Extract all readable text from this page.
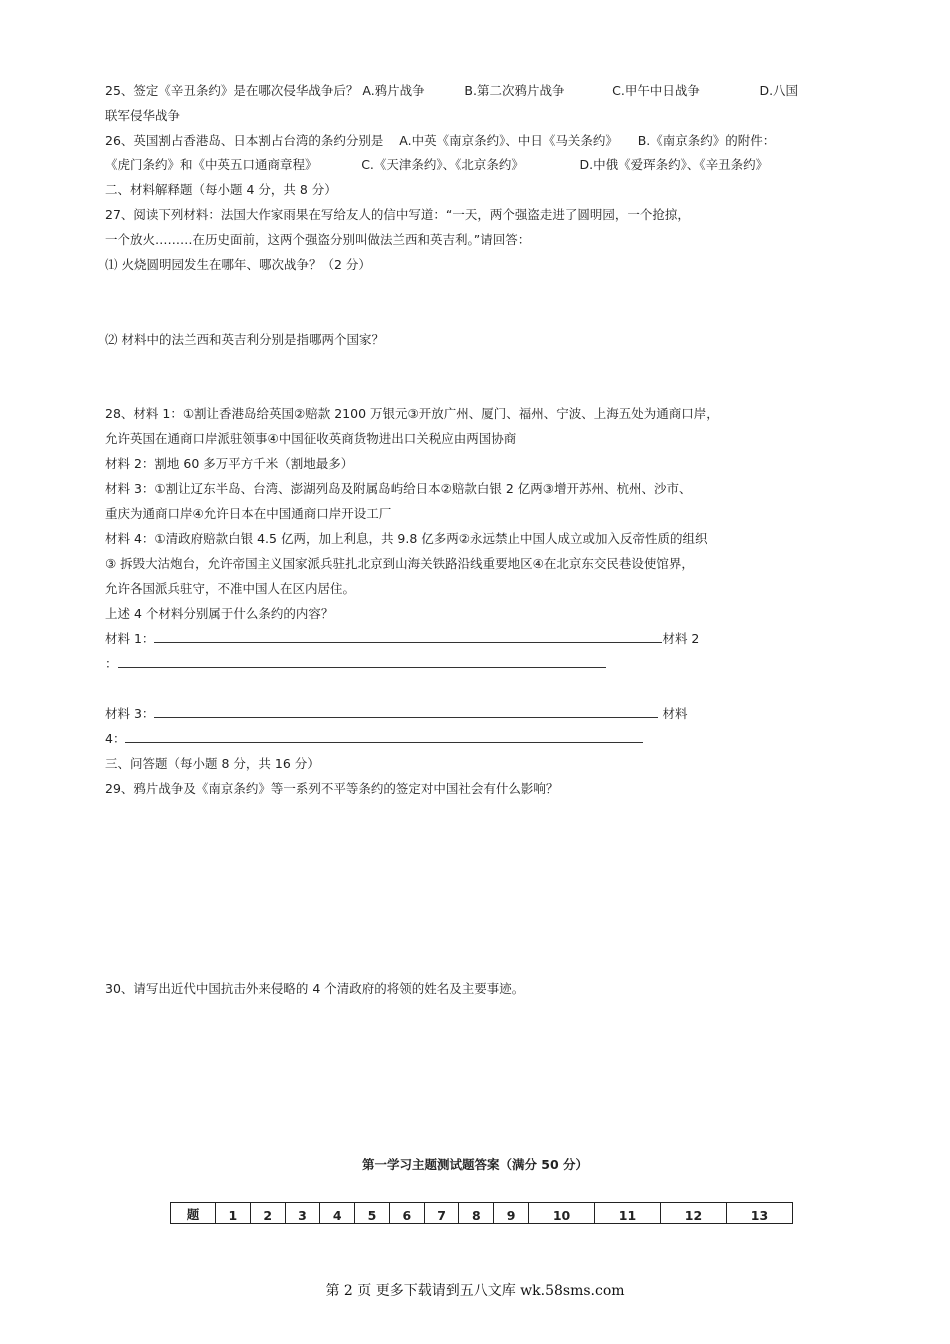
25、签定《辛丑条约》是在哪次侵华战争后？ A.鸦片战争          B.第二次鸦片战争            C.甲午中日战争               D.八国
联军侵华战争
26、英国割占香港岛、日本割占台湾的条约分别是    A.中英《南京条约》、中日《马关条约》     B.《南京条约》的附件：
《虎门条约》和《中英五口通商章程》           C.《天津条约》、《北京条约》              D.中俄《爱珲条约》、《辛丑条约》
二、材料解释题（每小题 4 分，共 8 分）
27、阅读下列材料：法国大作家雨果在写给友人的信中写道：“一天，两个强盗走进了圆明园，一个抢掠，
一个放火………在历史面前，这两个强盗分别叫做法兰西和英吉利。”请回答：
⑴ 火烧圆明园发生在哪年、哪次战争？（2 分）
⑵ 材料中的法兰西和英吉利分别是指哪两个国家？
28、材料 1：①割让香港岛给英国②赔款 2100 万银元③开放广州、厦门、福州、宁波、上海五处为通商口岸，
允许英国在通商口岸派驻领事④中国征收英商货物进出口关税应由两国协商
材料 2：割地 60 多万平方千米（割地最多）
材料 3：①割让辽东半岛、台湾、澎湖列岛及附属岛屿给日本②赔款白银 2 亿两③增开苏州、杭州、沙市、
重庆为通商口岸④允许日本在中国通商口岸开设工厂
材料 4：①清政府赔款白银 4.5 亿两，加上利息，共 9.8 亿多两②永远禁止中国人成立或加入反帝性质的组织
③ 拆毁大沽炮台，允许帝国主义国家派兵驻扎北京到山海关铁路沿线重要地区④在北京东交民巷设使馆界，
允许各国派兵驻守，不准中国人在区内居住。
上述 4 个材料分别属于什么条约的内容？
材料 1：	材料 2
：
材料 3：	材料
4：
三、问答题（每小题 8 分，共 16 分）
29、鸦片战争及《南京条约》等一系列不平等条约的签定对中国社会有什么影响？
30、请写出近代中国抗击外来侵略的 4 个清政府的将领的姓名及主要事迹。
第一学习主题测试题答案（满分 50 分）
题	1	2	3	4	5	6	7	8	9	10	11	12	13
第 2 页 更多下载请到五八文库 wk.58sms.com
